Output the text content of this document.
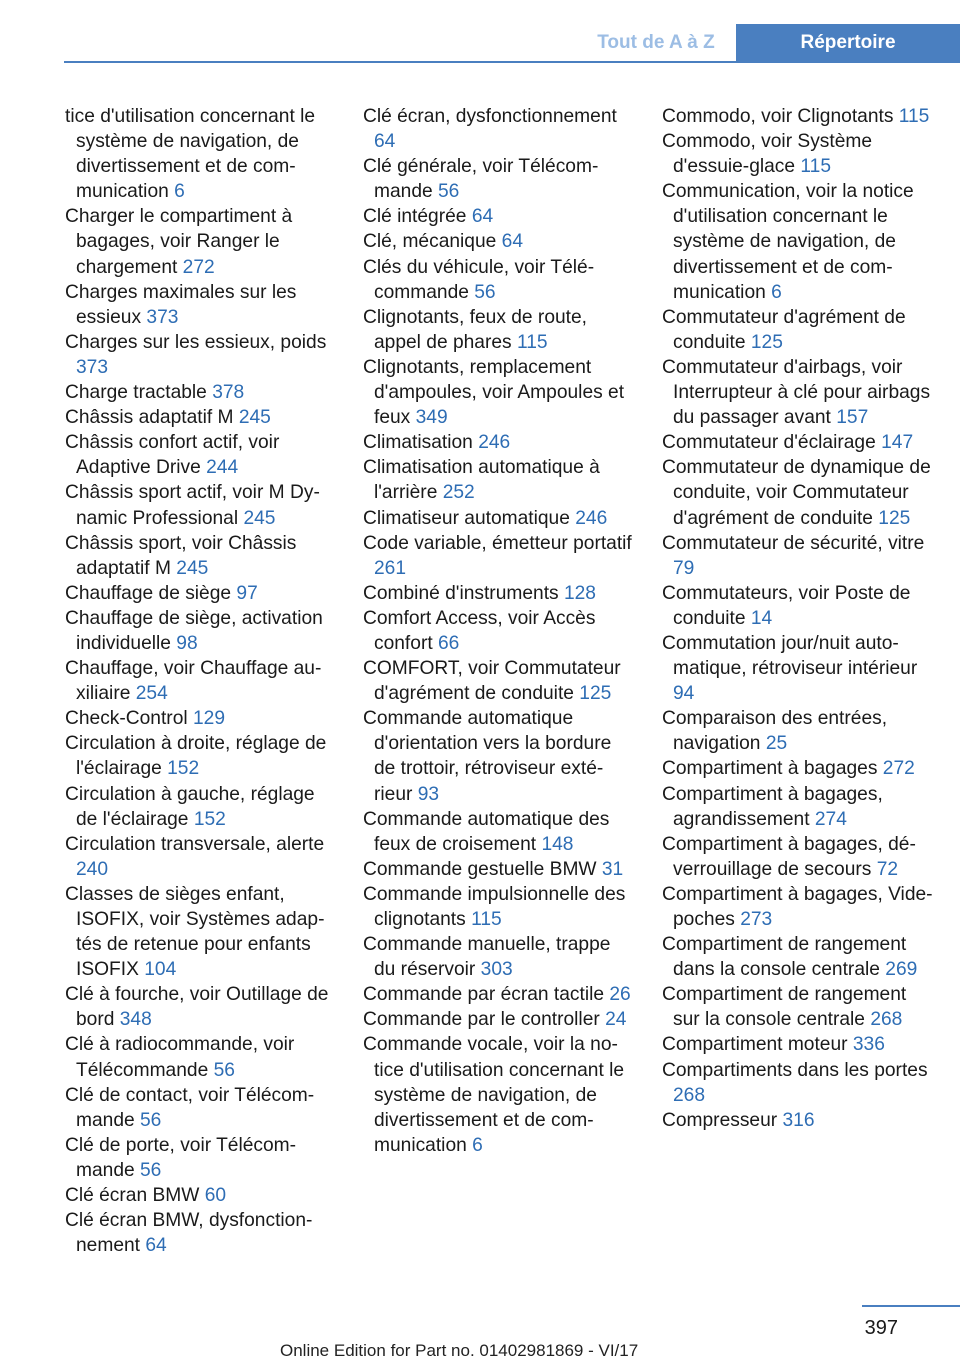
Tout de A à Z	Répertoire
tice d'utilisation concernant le système de navigation, de divertissement et de communication 6
Charger le compartiment à bagages, voir Ranger le chargement 272
Charges maximales sur les essieux 373
Charges sur les essieux, poids 373
Charge tractable 378
Châssis adaptatif M 245
Châssis confort actif, voir Adaptive Drive 244
Châssis sport actif, voir M Dynamic Professional 245
Châssis sport, voir Châssis adaptatif M 245
Chauffage de siège 97
Chauffage de siège, activation individuelle 98
Chauffage, voir Chauffage auxiliaire 254
Check-Control 129
Circulation à droite, réglage de l'éclairage 152
Circulation à gauche, réglage de l'éclairage 152
Circulation transversale, alerte 240
Classes de sièges enfant, ISOFIX, voir Systèmes adaptés de retenue pour enfants ISOFIX 104
Clé à fourche, voir Outillage de bord 348
Clé à radiocommande, voir Télécommande 56
Clé de contact, voir Télécommande 56
Clé de porte, voir Télécommande 56
Clé écran BMW 60
Clé écran BMW, dysfonctionnement 64
Clé écran, dysfonctionnement 64
Clé générale, voir Télécommande 56
Clé intégrée 64
Clé, mécanique 64
Clés du véhicule, voir Télécommande 56
Clignotants, feux de route, appel de phares 115
Clignotants, remplacement d'ampoules, voir Ampoules et feux 349
Climatisation 246
Climatisation automatique à l'arrière 252
Climatiseur automatique 246
Code variable, émetteur portatif 261
Combiné d'instruments 128
Comfort Access, voir Accès confort 66
COMFORT, voir Commutateur d'agrément de conduite 125
Commande automatique d'orientation vers la bordure de trottoir, rétroviseur extérieur 93
Commande automatique des feux de croisement 148
Commande gestuelle BMW 31
Commande impulsionnelle des clignotants 115
Commande manuelle, trappe du réservoir 303
Commande par écran tactile 26
Commande par le controller 24
Commande vocale, voir la notice d'utilisation concernant le système de navigation, de divertissement et de communication 6
Commodo, voir Clignotants 115
Commodo, voir Système d'essuie-glace 115
Communication, voir la notice d'utilisation concernant le système de navigation, de divertissement et de communication 6
Commutateur d'agrément de conduite 125
Commutateur d'airbags, voir Interrupteur à clé pour airbags du passager avant 157
Commutateur d'éclairage 147
Commutateur de dynamique de conduite, voir Commutateur d'agrément de conduite 125
Commutateur de sécurité, vitre 79
Commutateurs, voir Poste de conduite 14
Commutation jour/nuit automatique, rétroviseur intérieur 94
Comparaison des entrées, navigation 25
Compartiment à bagages 272
Compartiment à bagages, agrandissement 274
Compartiment à bagages, déverrouillage de secours 72
Compartiment à bagages, Vide-poches 273
Compartiment de rangement dans la console centrale 269
Compartiment de rangement sur la console centrale 268
Compartiment moteur 336
Compartiments dans les portes 268
Compresseur 316
397
Online Edition for Part no. 01402981869 - VI/17
